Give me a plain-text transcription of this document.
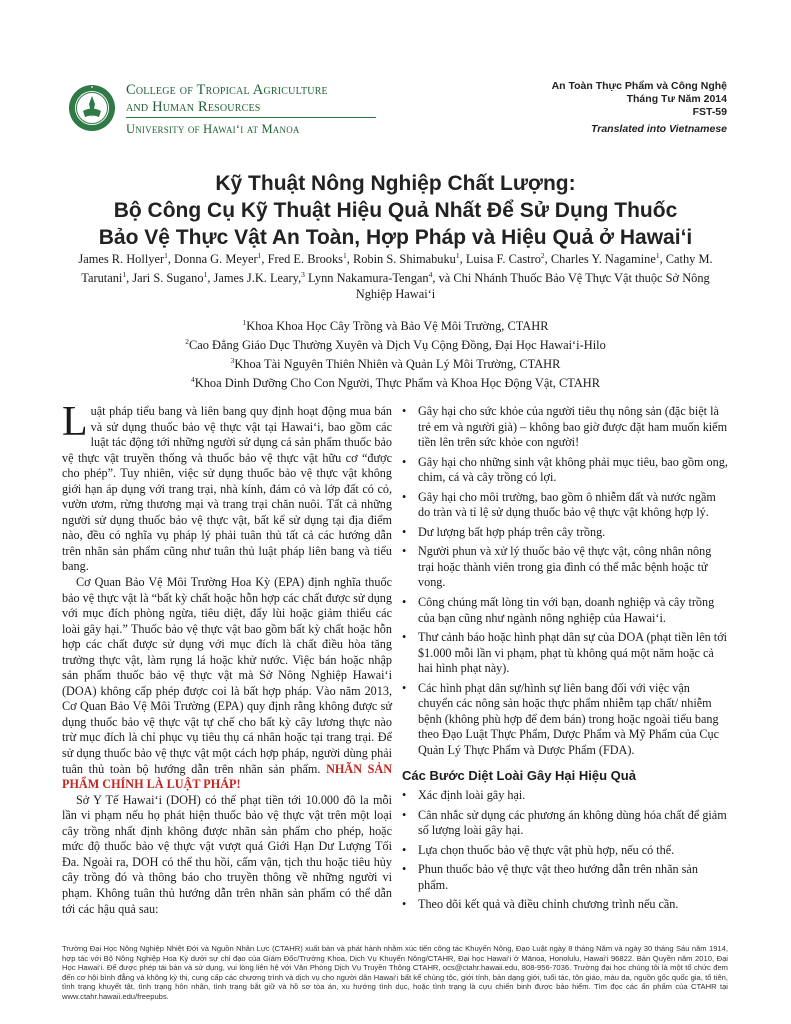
College of Tropical Agriculture
and Human Resources
University of Hawai‘i at Manoa
An Toàn Thực Phẩm và Công Nghệ
Tháng Tư Năm 2014
FST-59
Translated into Vietnamese
Kỹ Thuật Nông Nghiệp Chất Lượng:
Bộ Công Cụ Kỹ Thuật Hiệu Quả Nhất Để Sử Dụng Thuốc
Bảo Vệ Thực Vật An Toàn, Hợp Pháp và Hiệu Quả ở Hawai‘i
James R. Hollyer$^1$, Donna G. Meyer$^1$, Fred E. Brooks$^1$, Robin S. Shimabuku$^1$, Luisa F. Castro$^2$, Charles Y. Nagamine$^1$, Cathy M. Tarutani$^1$, Jari S. Sugano$^1$, James J.K. Leary,$^3$ Lynn Nakamura-Tengan$^4$, và Chi Nhánh Thuốc Bảo Vệ Thực Vật thuộc Sở Nông Nghiệp Hawai‘i
$^1$Khoa Khoa Học Cây Trồng và Bảo Vệ Môi Trường, CTAHR
$^2$Cao Đẳng Giáo Dục Thường Xuyên và Dịch Vụ Cộng Đồng, Đại Học Hawai‘i-Hilo
$^3$Khoa Tài Nguyên Thiên Nhiên và Quản Lý Môi Trường, CTAHR
$^4$Khoa Dinh Dưỡng Cho Con Người, Thực Phẩm và Khoa Học Động Vật, CTAHR

Luật pháp tiểu bang và liên bang quy định hoạt động mua bán và sử dụng thuốc bảo vệ thực vật tại Hawai‘i, bao gồm các luật tác động tới những người sử dụng cá sản phẩm thuốc bảo vệ thực vật truyền thống và thuốc bảo vệ thực vật hữu cơ “được cho phép”. Tuy nhiên, việc sử dụng thuốc bảo vệ thực vật không giới hạn áp dụng với trang trại, nhà kính, đám cỏ và lớp đất có cỏ, vườn ươm, rừng thương mại và trang trại chăn nuôi. Tất cả những người sử dụng thuốc bảo vệ thực vật, bất kể sử dụng tại địa điểm nào, đều có nghĩa vụ pháp lý phải tuân thủ tất cả các hướng dẫn trên nhãn sản phẩm cũng như tuân thủ luật pháp liên bang và tiểu bang.

Cơ Quan Bảo Vệ Môi Trường Hoa Kỳ (EPA) định nghĩa thuốc bảo vệ thực vật là “bất kỳ chất hoặc hỗn hợp các chất được sử dụng với mục đích phòng ngừa, tiêu diệt, đẩy lùi hoặc giảm thiểu các loài gây hại.” Thuốc bảo vệ thực vật bao gồm bất kỳ chất hoặc hỗn hợp các chất được sử dụng với mục đích là chất điều hòa tăng trưởng thực vật, làm rụng lá hoặc khử nước. Việc bán hoặc nhập sản phẩm thuốc bảo vệ thực vật mà Sở Nông Nghiệp Hawai‘i (DOA) không cấp phép được coi là bất hợp pháp. Vào năm 2013, Cơ Quan Bảo Vệ Môi Trường (EPA) quy định rằng không được sử dụng thuốc bảo vệ thực vật tự chế cho bất kỳ cây lương thực nào trừ mục đích là chỉ phục vụ tiêu thụ cá nhân hoặc tại trang trại. Để sử dụng thuốc bảo vệ thực vật một cách hợp pháp, người dùng phải tuân thủ toàn bộ hướng dẫn trên nhãn sản phẩm. NHÃN SẢN PHẨM CHÍNH LÀ LUẬT PHÁP!

Sở Y Tế Hawai‘i (DOH) có thể phạt tiền tới 10.000 đô la mỗi lần vi phạm nếu họ phát hiện thuốc bảo vệ thực vật trên một loại cây trồng nhất định không được nhãn sản phẩm cho phép, hoặc mức độ thuốc bảo vệ thực vật vượt quá Giới Hạn Dư Lượng Tối Đa. Ngoài ra, DOH có thể thu hồi, cấm vận, tịch thu hoặc tiêu hủy cây trồng đó và thông báo cho truyền thông về những người vi phạm. Không tuân thủ hướng dẫn trên nhãn sản phẩm có thể dẫn tới các hậu quả sau:

• Gây hại cho sức khỏe của người tiêu thụ nông sản (đặc biệt là trẻ em và người già) – không bao giờ được đặt ham muốn kiếm tiền lên trên sức khỏe con người!
• Gây hại cho những sinh vật không phải mục tiêu, bao gồm ong, chim, cá và cây trồng có lợi.
• Gây hại cho môi trường, bao gồm ô nhiễm đất và nước ngầm do tràn và tỉ lệ sử dụng thuốc bảo vệ thực vật không hợp lý.
• Dư lượng bất hợp pháp trên cây trồng.
• Người phun và xử lý thuốc bảo vệ thực vật, công nhân nông trại hoặc thành viên trong gia đình có thể mắc bệnh hoặc tử vong.
• Công chúng mất lòng tin với bạn, doanh nghiệp và cây trồng của bạn cũng như ngành nông nghiệp của Hawai‘i.
• Thư cảnh báo hoặc hình phạt dân sự của DOA (phạt tiền lên tới $1.000 mỗi lần vi phạm, phạt tù không quá một năm hoặc cả hai hình phạt này).
• Các hình phạt dân sự/hình sự liên bang đối với việc vận chuyển các nông sản hoặc thực phẩm nhiễm tạp chất/ nhiễm bệnh (không phù hợp để đem bán) trong hoặc ngoài tiểu bang theo Đạo Luật Thực Phẩm, Dược Phẩm và Mỹ Phẩm của Cục Quản Lý Thực Phẩm và Dược Phẩm (FDA).
Các Bước Diệt Loài Gây Hại Hiệu Quả
• Xác định loài gây hại.
• Cân nhắc sử dụng các phương án không dùng hóa chất để giảm số lượng loài gây hại.
• Lựa chọn thuốc bảo vệ thực vật phù hợp, nếu có thể.
• Phun thuốc bảo vệ thực vật theo hướng dẫn trên nhãn sản phẩm.
• Theo dõi kết quả và điều chỉnh chương trình nếu cần.
Trường Đại Học Nông Nghiệp Nhiệt Đới và Nguồn Nhân Lực (CTAHR) xuất bản và phát hành nhằm xúc tiến công tác Khuyến Nông, Đạo Luật ngày 8 tháng Năm và ngày 30 tháng Sáu năm 1914, hợp tác với Bộ Nông Nghiệp Hoa Kỳ dưới sự chỉ đạo của Giám Đốc/Trưởng Khoa, Dịch Vụ Khuyến Nông/CTAHR, Đại học Hawai‘i ở Mānoa, Honolulu, Hawai‘i 96822. Bản Quyền năm 2010, Đại Học Hawai‘i. Để được phép tái bản và sử dụng, vui lòng liên hệ với Văn Phòng Dịch Vụ Truyền Thông CTAHR, ocs@ctahr.hawaii.edu, 808-956-7036. Trường đại học chúng tôi là một tổ chức đem đến cơ hội bình đẳng và không kỳ thị, cung cấp các chương trình và dịch vụ cho người dân Hawai‘i bất kể chủng tộc, giới tính, bản dạng giới, tuổi tác, tôn giáo, màu da, nguồn gốc quốc gia, tổ tiên, tình trạng khuyết tật, tình trạng hôn nhân, tình trạng bắt giữ và hồ sơ tòa án, xu hướng tình dục, hoặc tình trạng là cựu chiến binh được bảo hiểm. Tìm đọc các ấn phẩm của CTAHR tại www.ctahr.hawaii.edu/freepubs.
